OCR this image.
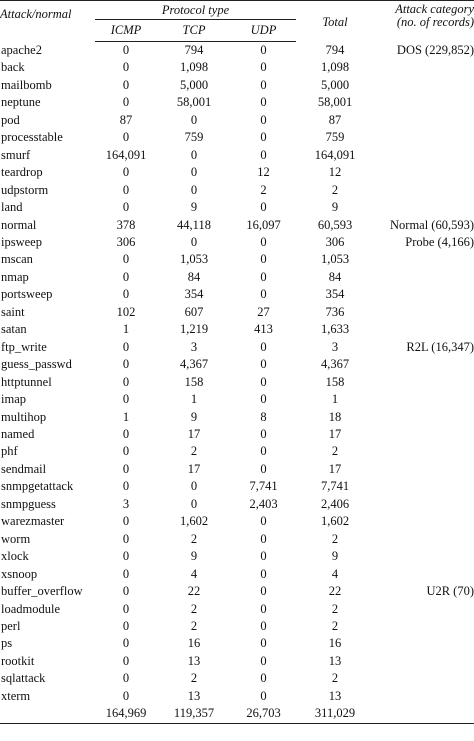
Attack/normal	Protocol type			Total	Attack category
(no. of records)
	ICMP	TCP	UDP		
apache2	0	794	0	794	DOS (229,852)
back	0	1,098	0	1,098	
mailbomb	0	5,000	0	5,000	
neptune	0	58,001	0	58,001	
pod	87	0	0	87	
processtable	0	759	0	759	
smurf	164,091	0	0	164,091	
teardrop	0	0	12	12	
udpstorm	0	0	2	2	
land	0	9	0	9	
normal	378	44,118	16,097	60,593	Normal (60,593)
ipsweep	306	0	0	306	Probe (4,166)
mscan	0	1,053	0	1,053	
nmap	0	84	0	84	
portsweep	0	354	0	354	
saint	102	607	27	736	
satan	1	1,219	413	1,633	
ftp_write	0	3	0	3	R2L (16,347)
guess_passwd	0	4,367	0	4,367	
httptunnel	0	158	0	158	
imap	0	1	0	1	
multihop	1	9	8	18	
named	0	17	0	17	
phf	0	2	0	2	
sendmail	0	17	0	17	
snmpgetattack	0	0	7,741	7,741	
snmpguess	3	0	2,403	2,406	
warezmaster	0	1,602	0	1,602	
worm	0	2	0	2	
xlock	0	9	0	9	
xsnoop	0	4	0	4	
buffer_overflow	0	22	0	22	U2R (70)
loadmodule	0	2	0	2	
perl	0	2	0	2	
ps	0	16	0	16	
rootkit	0	13	0	13	
sqlattack	0	2	0	2	
xterm	0	13	0	13	
	164,969	119,357	26,703	311,029	
